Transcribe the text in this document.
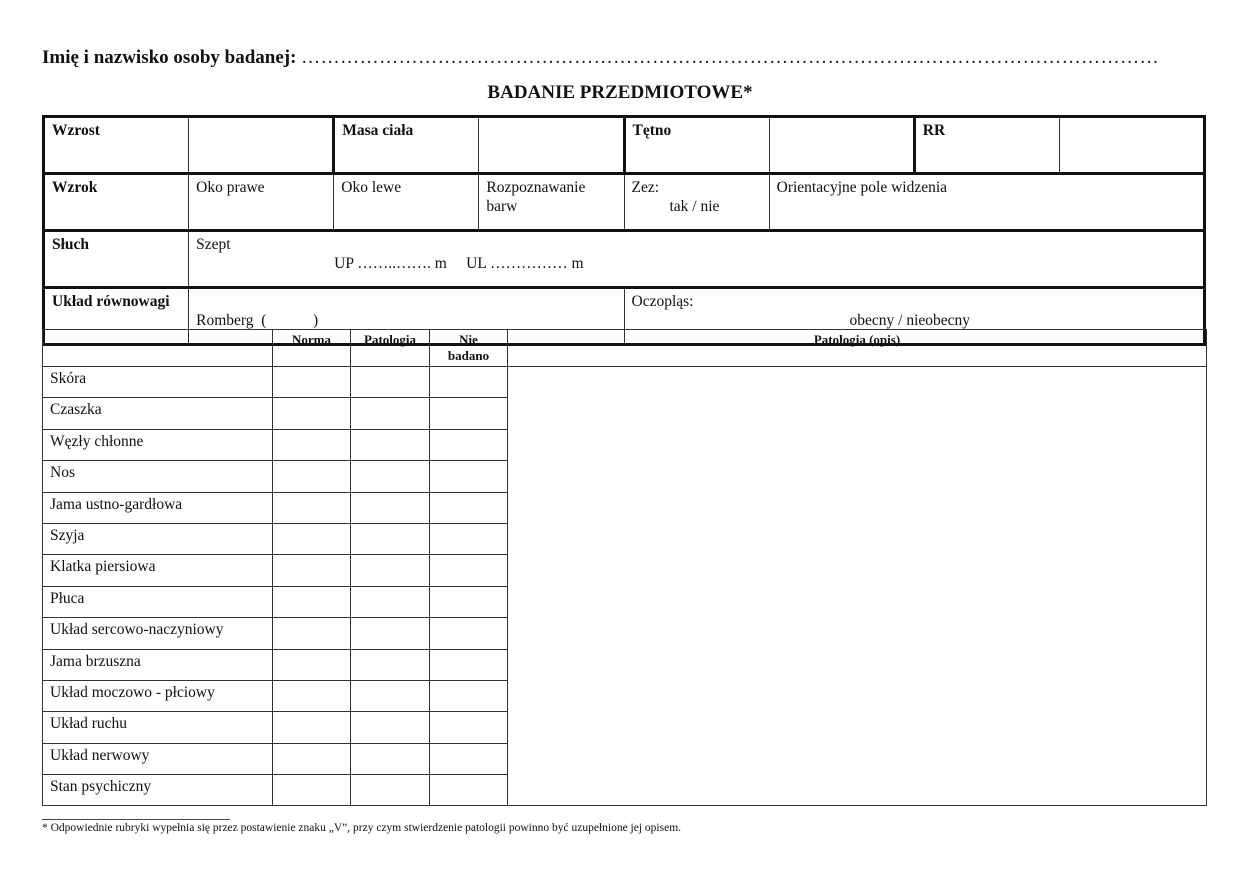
Imię i nazwisko osoby badanej: ……………………………………………………………………………………………………………………
BADANIE PRZEDMIOTOWE*
Wzrost		Masa ciała		Tętno		RR	
Wzrok	Oko prawe	Oko lewe	Rozpoznawanie barw	Zez:
tak / nie	Orientacyjne pole widzenia		
Słuch	Szept
UP ……..……. m UL …………… m						

Układ równowagi	Romberg  (            )			Oczopląs:
obecny / nieobecny			
	Norma	Patologia	Nie badano	Patologia (opis)
Skóra				
Czaszka				
Węzły chłonne				
Nos				
Jama ustno-gardłowa				
Szyja				
Klatka piersiowa				
Płuca				
Układ sercowo-naczyniowy				
Jama brzuszna				
Układ moczowo - płciowy				
Układ ruchu				
Układ nerwowy				
Stan psychiczny				
* Odpowiednie rubryki wypełnia się przez postawienie znaku „V”, przy czym stwierdzenie patologii powinno być uzupełnione jej opisem.
